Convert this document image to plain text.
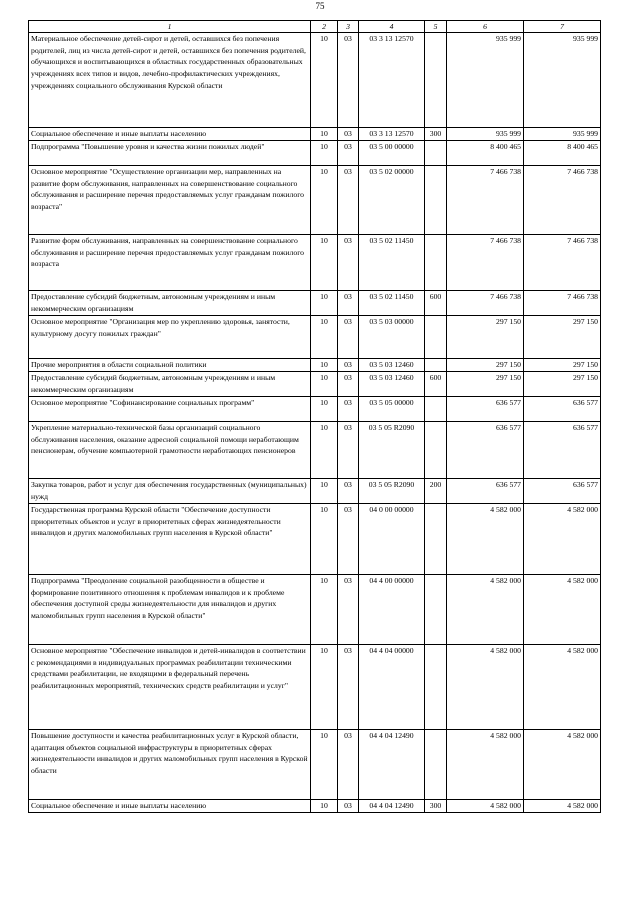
75
1	2	3	4	5	6	7
Материальное обеспечение детей-сирот и детей, оставшихся без попечения родителей, лиц из числа детей-сирот и детей, оставшихся без попечения родителей, обучающихся и воспитывающихся в областных государственных образовательных учреждениях всех типов и видов, лечебно-профилактических учреждениях, учреждениях социального обслуживания Курской области	10	03	03 3 13 12570		935 999	935 999
Социальное обеспечение и иные выплаты населению	10	03	03 3 13 12570	300	935 999	935 999
Подпрограмма "Повышение уровня и качества жизни пожилых людей"	10	03	03 5 00 00000		8 400 465	8 400 465
Основное мероприятие "Осуществление организации мер, направленных на развитие форм обслуживания, направленных на совершенствование социального обслуживания и расширение перечня предоставляемых услуг гражданам пожилого возраста"	10	03	03 5 02 00000		7 466 738	7 466 738
Развитие форм обслуживания, направленных на совершенствование социального обслуживания и расширение перечня предоставляемых услуг гражданам пожилого возраста	10	03	03 5 02 11450		7 466 738	7 466 738
Предоставление субсидий бюджетным, автономным учреждениям и иным некоммерческим организациям	10	03	03 5 02 11450	600	7 466 738	7 466 738
Основное мероприятие "Организация мер по укреплению здоровья, занятости, культурному досугу пожилых граждан"	10	03	03 5 03 00000		297 150	297 150
Прочие мероприятия в области социальной политики	10	03	03 5 03 12460		297 150	297 150
Предоставление субсидий бюджетным, автономным учреждениям и иным некоммерческим организациям	10	03	03 5 03 12460	600	297 150	297 150
Основное мероприятие "Софинансирование социальных программ"	10	03	03 5 05 00000		636 577	636 577
Укрепление материально-технической базы организаций социального обслуживания населения, оказание адресной социальной помощи неработающим пенсионерам, обучение компьютерной грамотности неработающих пенсионеров	10	03	03 5 05 R2090		636 577	636 577
Закупка товаров, работ и услуг для обеспечения государственных (муниципальных) нужд	10	03	03 5 05 R2090	200	636 577	636 577
Государственная программа Курской области "Обеспечение доступности приоритетных объектов и услуг в приоритетных сферах жизнедеятельности инвалидов и других маломобильных групп населения в Курской области"	10	03	04 0 00 00000		4 582 000	4 582 000
Подпрограмма "Преодоление социальной разобщенности в обществе и формирование позитивного отношения к проблемам инвалидов и к проблеме обеспечения доступной среды жизнедеятельности для инвалидов и других маломобильных групп населения в Курской области"	10	03	04 4 00 00000		4 582 000	4 582 000
Основное мероприятие "Обеспечение инвалидов и детей-инвалидов в соответствии с рекомендациями в индивидуальных программах реабилитации техническими средствами реабилитации, не входящими в федеральный перечень реабилитационных мероприятий, технических средств реабилитации и услуг"	10	03	04 4 04 00000		4 582 000	4 582 000
Повышение доступности и качества реабилитационных услуг в Курской области, адаптация объектов социальной инфраструктуры в приоритетных сферах жизнедеятельности инвалидов и других маломобильных групп населения в Курской области	10	03	04 4 04 12490		4 582 000	4 582 000
Социальное обеспечение и иные выплаты населению	10	03	04 4 04 12490	300	4 582 000	4 582 000
